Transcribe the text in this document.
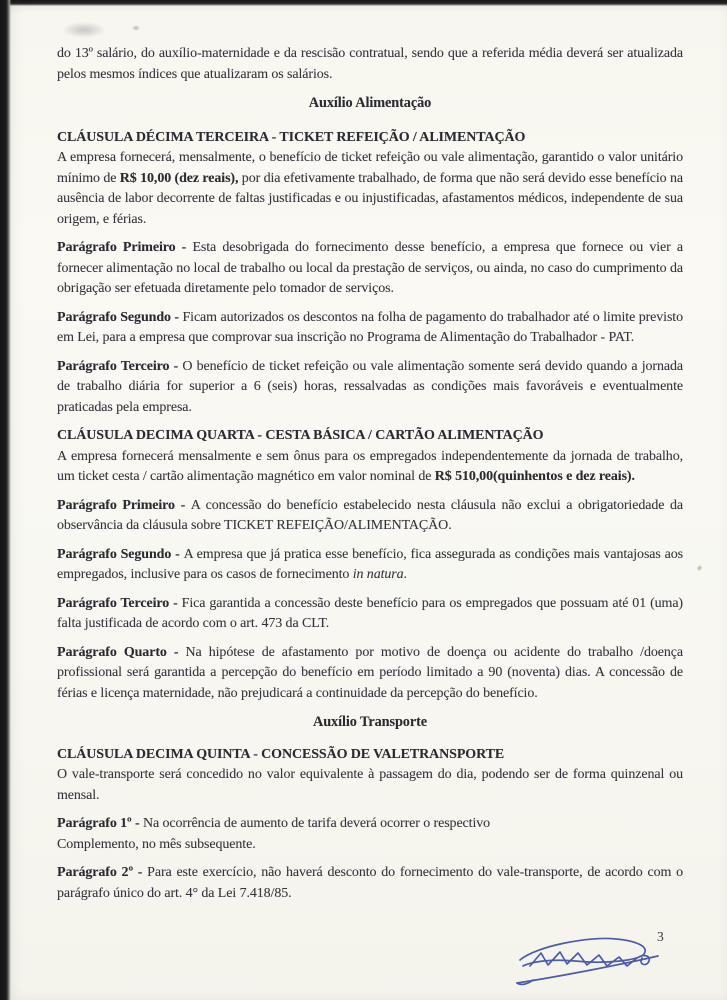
do 13º salário, do auxílio-maternidade e da rescisão contratual, sendo que a referida média deverá ser atualizada pelos mesmos índices que atualizaram os salários.

Auxílio Alimentação

CLÁUSULA DÉCIMA TERCEIRA - TICKET REFEIÇÃO / ALIMENTAÇÃO

A empresa fornecerá, mensalmente, o benefício de ticket refeição ou vale alimentação, garantido o valor unitário mínimo de R$ 10,00 (dez reais), por dia efetivamente trabalhado, de forma que não será devido esse benefício na ausência de labor decorrente de faltas justificadas e ou injustificadas, afastamentos médicos, independente de sua origem, e férias.

Parágrafo Primeiro - Esta desobrigada do fornecimento desse benefício, a empresa que fornece ou vier a fornecer alimentação no local de trabalho ou local da prestação de serviços, ou ainda, no caso do cumprimento da obrigação ser efetuada diretamente pelo tomador de serviços.

Parágrafo Segundo - Ficam autorizados os descontos na folha de pagamento do trabalhador até o limite previsto em Lei, para a empresa que comprovar sua inscrição no Programa de Alimentação do Trabalhador - PAT.

Parágrafo Terceiro - O benefício de ticket refeição ou vale alimentação somente será devido quando a jornada de trabalho diária for superior a 6 (seis) horas, ressalvadas as condições mais favoráveis e eventualmente praticadas pela empresa.

CLÁUSULA DECIMA QUARTA - CESTA BÁSICA / CARTÃO ALIMENTAÇÃO

A empresa fornecerá mensalmente e sem ônus para os empregados independentemente da jornada de trabalho, um ticket cesta / cartão alimentação magnético em valor nominal de R$ 510,00(quinhentos e dez reais).

Parágrafo Primeiro - A concessão do benefício estabelecido nesta cláusula não exclui a obrigatoriedade da observância da cláusula sobre TICKET REFEIÇÃO/ALIMENTAÇÃO.

Parágrafo Segundo - A empresa que já pratica esse benefício, fica assegurada as condições mais vantajosas aos empregados, inclusive para os casos de fornecimento in natura.

Parágrafo Terceiro - Fica garantida a concessão deste benefício para os empregados que possuam até 01 (uma) falta justificada de acordo com o art. 473 da CLT.

Parágrafo Quarto - Na hipótese de afastamento por motivo de doença ou acidente do trabalho /doença profissional será garantida a percepção do benefício em período limitado a 90 (noventa) dias. A concessão de férias e licença maternidade, não prejudicará a continuidade da percepção do benefício.

Auxílio Transporte

CLÁUSULA DECIMA QUINTA - CONCESSÃO DE VALETRANSPORTE

O vale-transporte será concedido no valor equivalente à passagem do dia, podendo ser de forma quinzenal ou mensal.

Parágrafo 1º - Na ocorrência de aumento de tarifa deverá ocorrer o respectivo
Complemento, no mês subsequente.

Parágrafo 2º - Para este exercício, não haverá desconto do fornecimento do vale-transporte, de acordo com o parágrafo único do art. 4° da Lei 7.418/85.

3
